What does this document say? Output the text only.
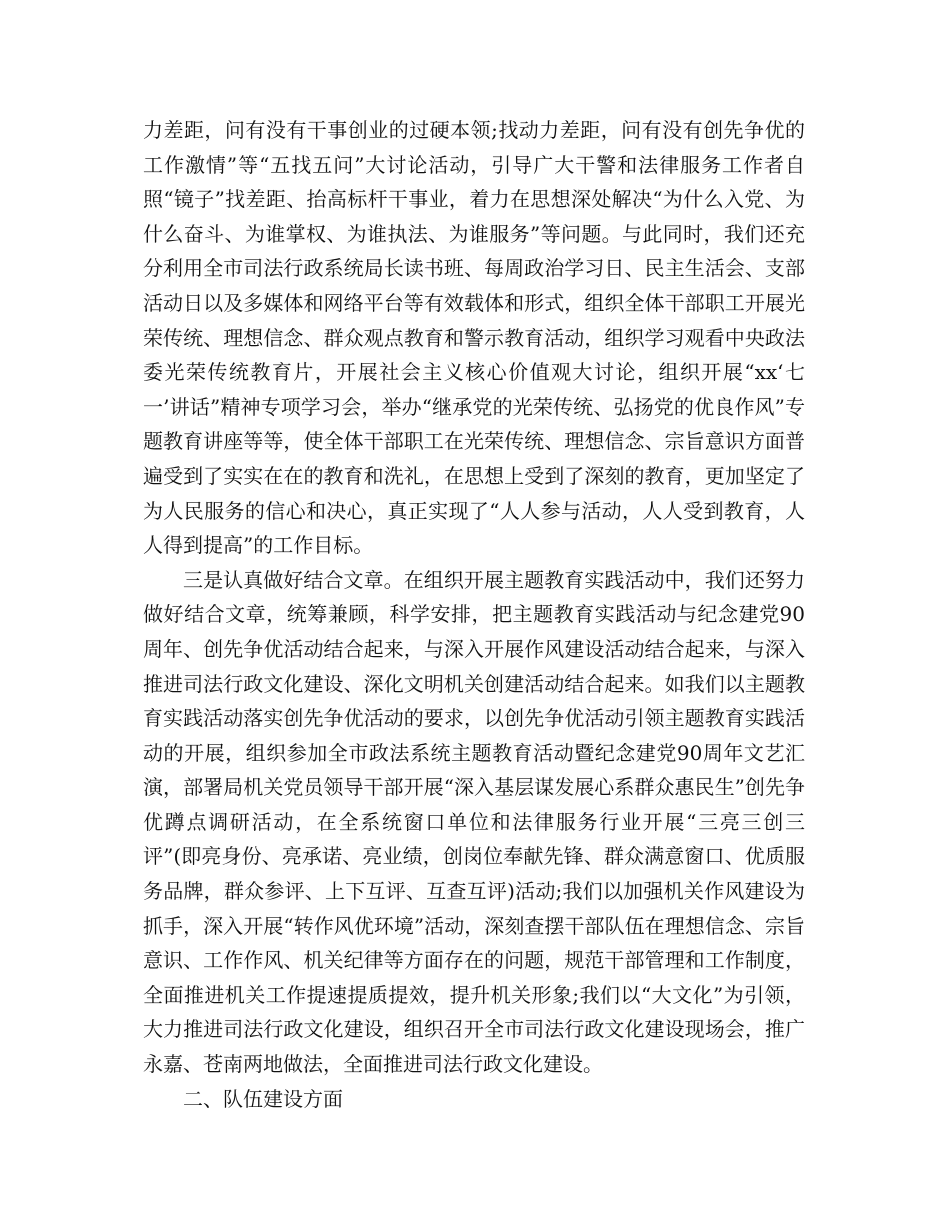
力差距，问有没有干事创业的过硬本领;找动力差距，问有没有创先争优的工作激情”等“五找五问”大讨论活动，引导广大干警和法律服务工作者自照“镜子”找差距、抬高标杆干事业，着力在思想深处解决“为什么入党、为什么奋斗、为谁掌权、为谁执法、为谁服务”等问题。与此同时，我们还充分利用全市司法行政系统局长读书班、每周政治学习日、民主生活会、支部活动日以及多媒体和网络平台等有效载体和形式，组织全体干部职工开展光荣传统、理想信念、群众观点教育和警示教育活动，组织学习观看中央政法委光荣传统教育片，开展社会主义核心价值观大讨论，组织开展“xx‘七一’讲话”精神专项学习会，举办“继承党的光荣传统、弘扬党的优良作风”专题教育讲座等等，使全体干部职工在光荣传统、理想信念、宗旨意识方面普遍受到了实实在在的教育和洗礼，在思想上受到了深刻的教育，更加坚定了为人民服务的信心和决心，真正实现了“人人参与活动，人人受到教育，人人得到提高”的工作目标。

三是认真做好结合文章。在组织开展主题教育实践活动中，我们还努力做好结合文章，统筹兼顾，科学安排，把主题教育实践活动与纪念建党90周年、创先争优活动结合起来，与深入开展作风建设活动结合起来，与深入推进司法行政文化建设、深化文明机关创建活动结合起来。如我们以主题教育实践活动落实创先争优活动的要求，以创先争优活动引领主题教育实践活动的开展，组织参加全市政法系统主题教育活动暨纪念建党90周年文艺汇演，部署局机关党员领导干部开展“深入基层谋发展心系群众惠民生”创先争优蹲点调研活动，在全系统窗口单位和法律服务行业开展“三亮三创三评”(即亮身份、亮承诺、亮业绩，创岗位奉献先锋、群众满意窗口、优质服务品牌，群众参评、上下互评、互查互评)活动;我们以加强机关作风建设为抓手，深入开展“转作风优环境”活动，深刻查摆干部队伍在理想信念、宗旨意识、工作作风、机关纪律等方面存在的问题，规范干部管理和工作制度，全面推进机关工作提速提质提效，提升机关形象;我们以“大文化”为引领，大力推进司法行政文化建设，组织召开全市司法行政文化建设现场会，推广永嘉、苍南两地做法，全面推进司法行政文化建设。

二、队伍建设方面
